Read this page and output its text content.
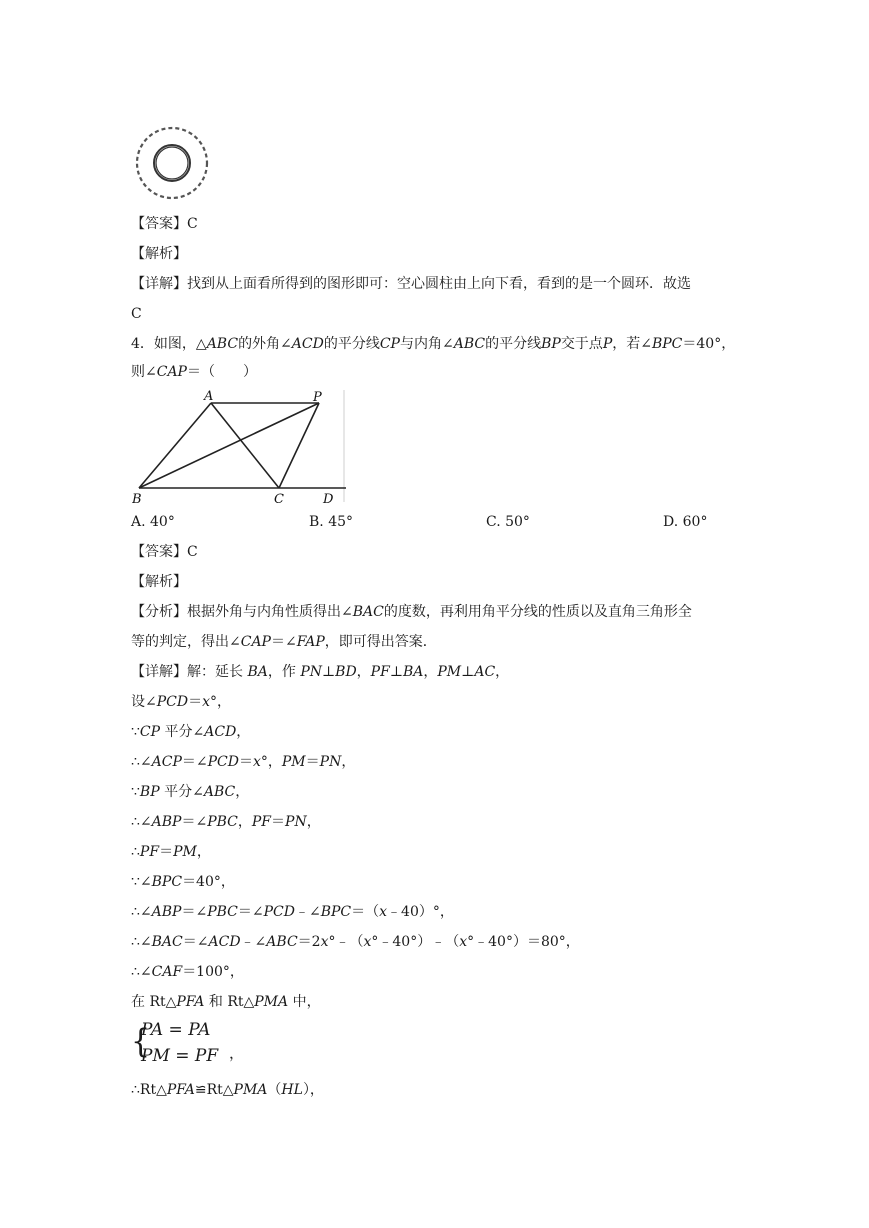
【答案】C
【解析】
【详解】找到从上面看所得到的图形即可：空心圆柱由上向下看，看到的是一个圆环．故选
C
4．如图，△ABC的外角∠ACD的平分线CP与内角∠ABC的平分线BP交于点P，若∠BPC＝40°，
则∠CAP＝（　　）
A	P
B	C	D
A. 40°	B. 45°	C. 50°	D. 60°
【答案】C
【解析】
【分析】根据外角与内角性质得出∠BAC的度数，再利用角平分线的性质以及直角三角形全
等的判定，得出∠CAP＝∠FAP，即可得出答案．
【详解】解：延长 BA，作 PN⊥BD，PF⊥BA，PM⊥AC，
设∠PCD＝x°，
∵CP 平分∠ACD，
∴∠ACP＝∠PCD＝x°，PM＝PN，
∵BP 平分∠ABC，
∴∠ABP＝∠PBC，PF＝PN，
∴PF＝PM，
∵∠BPC＝40°，
∴∠ABP＝∠PBC＝∠PCD﹣∠BPC＝（x﹣40）°，
∴∠BAC＝∠ACD﹣∠ABC＝2x°﹣（x°﹣40°）﹣（x°﹣40°）＝80°，
∴∠CAF＝100°，
在 Rt△PFA 和 Rt△PMA 中，
{
PA = PA
PM = PF ，
∴Rt△PFA≌Rt△PMA（HL），
